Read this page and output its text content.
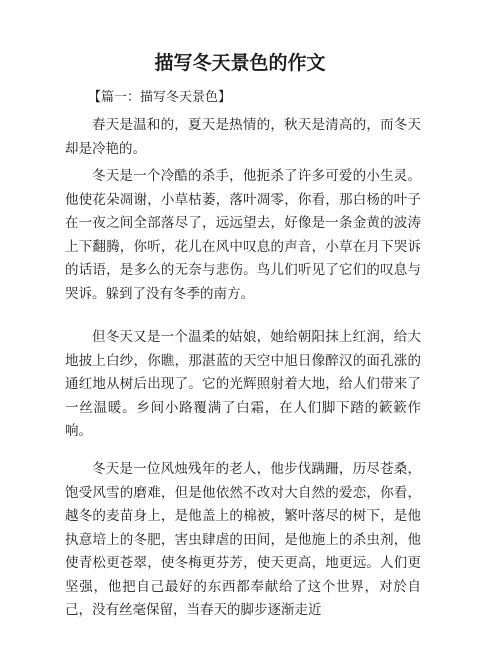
描写冬天景色的作文
【篇一：描写冬天景色】

春天是温和的，夏天是热情的，秋天是清高的，而冬天却是冷艳的。

冬天是一个冷酷的杀手，他扼杀了许多可爱的小生灵。他使花朵凋谢，小草枯萎，落叶凋零，你看，那白杨的叶子在一夜之间全部落尽了，远远望去，好像是一条金黄的波涛上下翻腾，你听，花儿在风中叹息的声音，小草在月下哭诉的话语，是多么的无奈与悲伤。鸟儿们听见了它们的叹息与哭诉。躲到了没有冬季的南方。

但冬天又是一个温柔的姑娘，她给朝阳抹上红润，给大地披上白纱，你瞧，那湛蓝的天空中旭日像醉汉的面孔涨的通红地从树后出现了。它的光辉照射着大地，给人们带来了一丝温暖。乡间小路覆满了白霜，在人们脚下踏的簌簌作响。

冬天是一位风烛残年的老人，他步伐蹒跚，历尽苍桑，饱受风雪的磨难，但是他依然不改对大自然的爱恋，你看，越冬的麦苗身上，是他盖上的棉被，繁叶落尽的树下，是他执意培上的冬肥，害虫肆虐的田间，是他施上的杀虫剂，他使青松更苍翠，使冬梅更芬芳，使天更高，地更远。人们更坚强，他把自己最好的东西都奉献给了这个世界，对於自己，没有丝毫保留，当春天的脚步逐渐走近
